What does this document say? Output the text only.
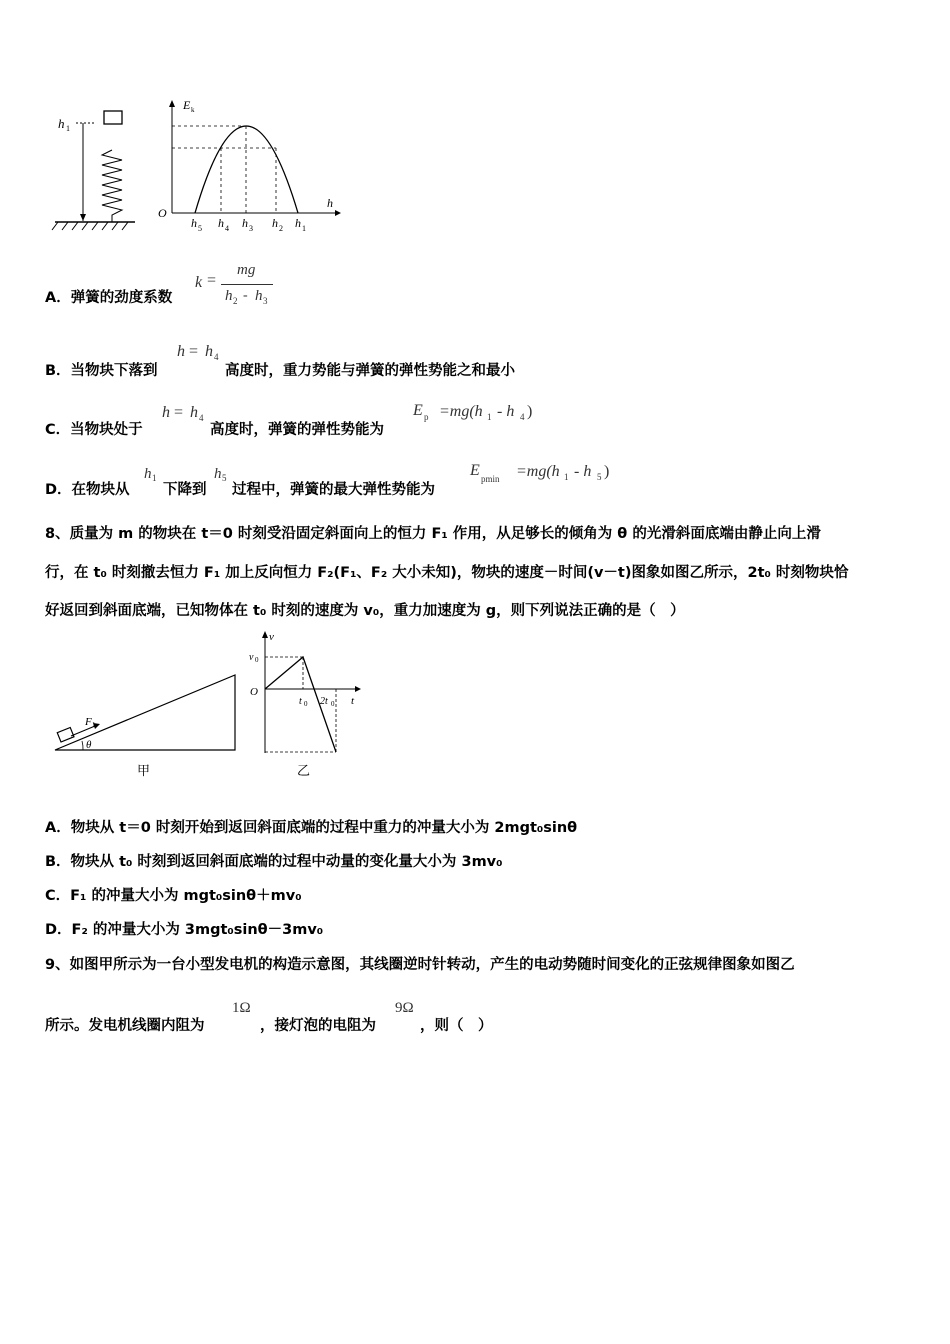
h 1
E k
O
h
h 5 h 4 h 3 h 2 h 1
A．弹簧的劲度系数
k =
mg
h 2 - h 3
B．当物块下落到
h = h 4
高度时，重力势能与弹簧的弹性势能之和最小
C．当物块处于
h = h 4
高度时，弹簧的弹性势能为
E p =mg(h 1 - h 4 )
D．在物块从
h 1
下降到
h 5
过程中，弹簧的最大弹性势能为
E pmin =mg(h 1 - h 5 )
8、质量为 m 的物块在 t＝0 时刻受沿固定斜面向上的恒力 F₁ 作用，从足够长的倾角为 θ 的光滑斜面底端由静止向上滑
行，在 t₀ 时刻撤去恒力 F₁ 加上反向恒力 F₂(F₁、F₂ 大小未知)，物块的速度－时间(v－t)图象如图乙所示，2t₀ 时刻物块恰
好返回到斜面底端，已知物体在 t₀ 时刻的速度为 v₀，重力加速度为 g，则下列说法正确的是（　）
F 1
θ
甲
v
v 0
O
t 0 2t 0 t
乙
A．物块从 t＝0 时刻开始到返回斜面底端的过程中重力的冲量大小为 2mgt₀sinθ
B．物块从 t₀ 时刻到返回斜面底端的过程中动量的变化量大小为 3mv₀
C．F₁ 的冲量大小为 mgt₀sinθ＋mv₀
D．F₂ 的冲量大小为 3mgt₀sinθ－3mv₀
9、如图甲所示为一台小型发电机的构造示意图，其线圈逆时针转动，产生的电动势随时间变化的正弦规律图象如图乙
所示。发电机线圈内阻为
1Ω
，接灯泡的电阻为
9Ω
，则（　）
